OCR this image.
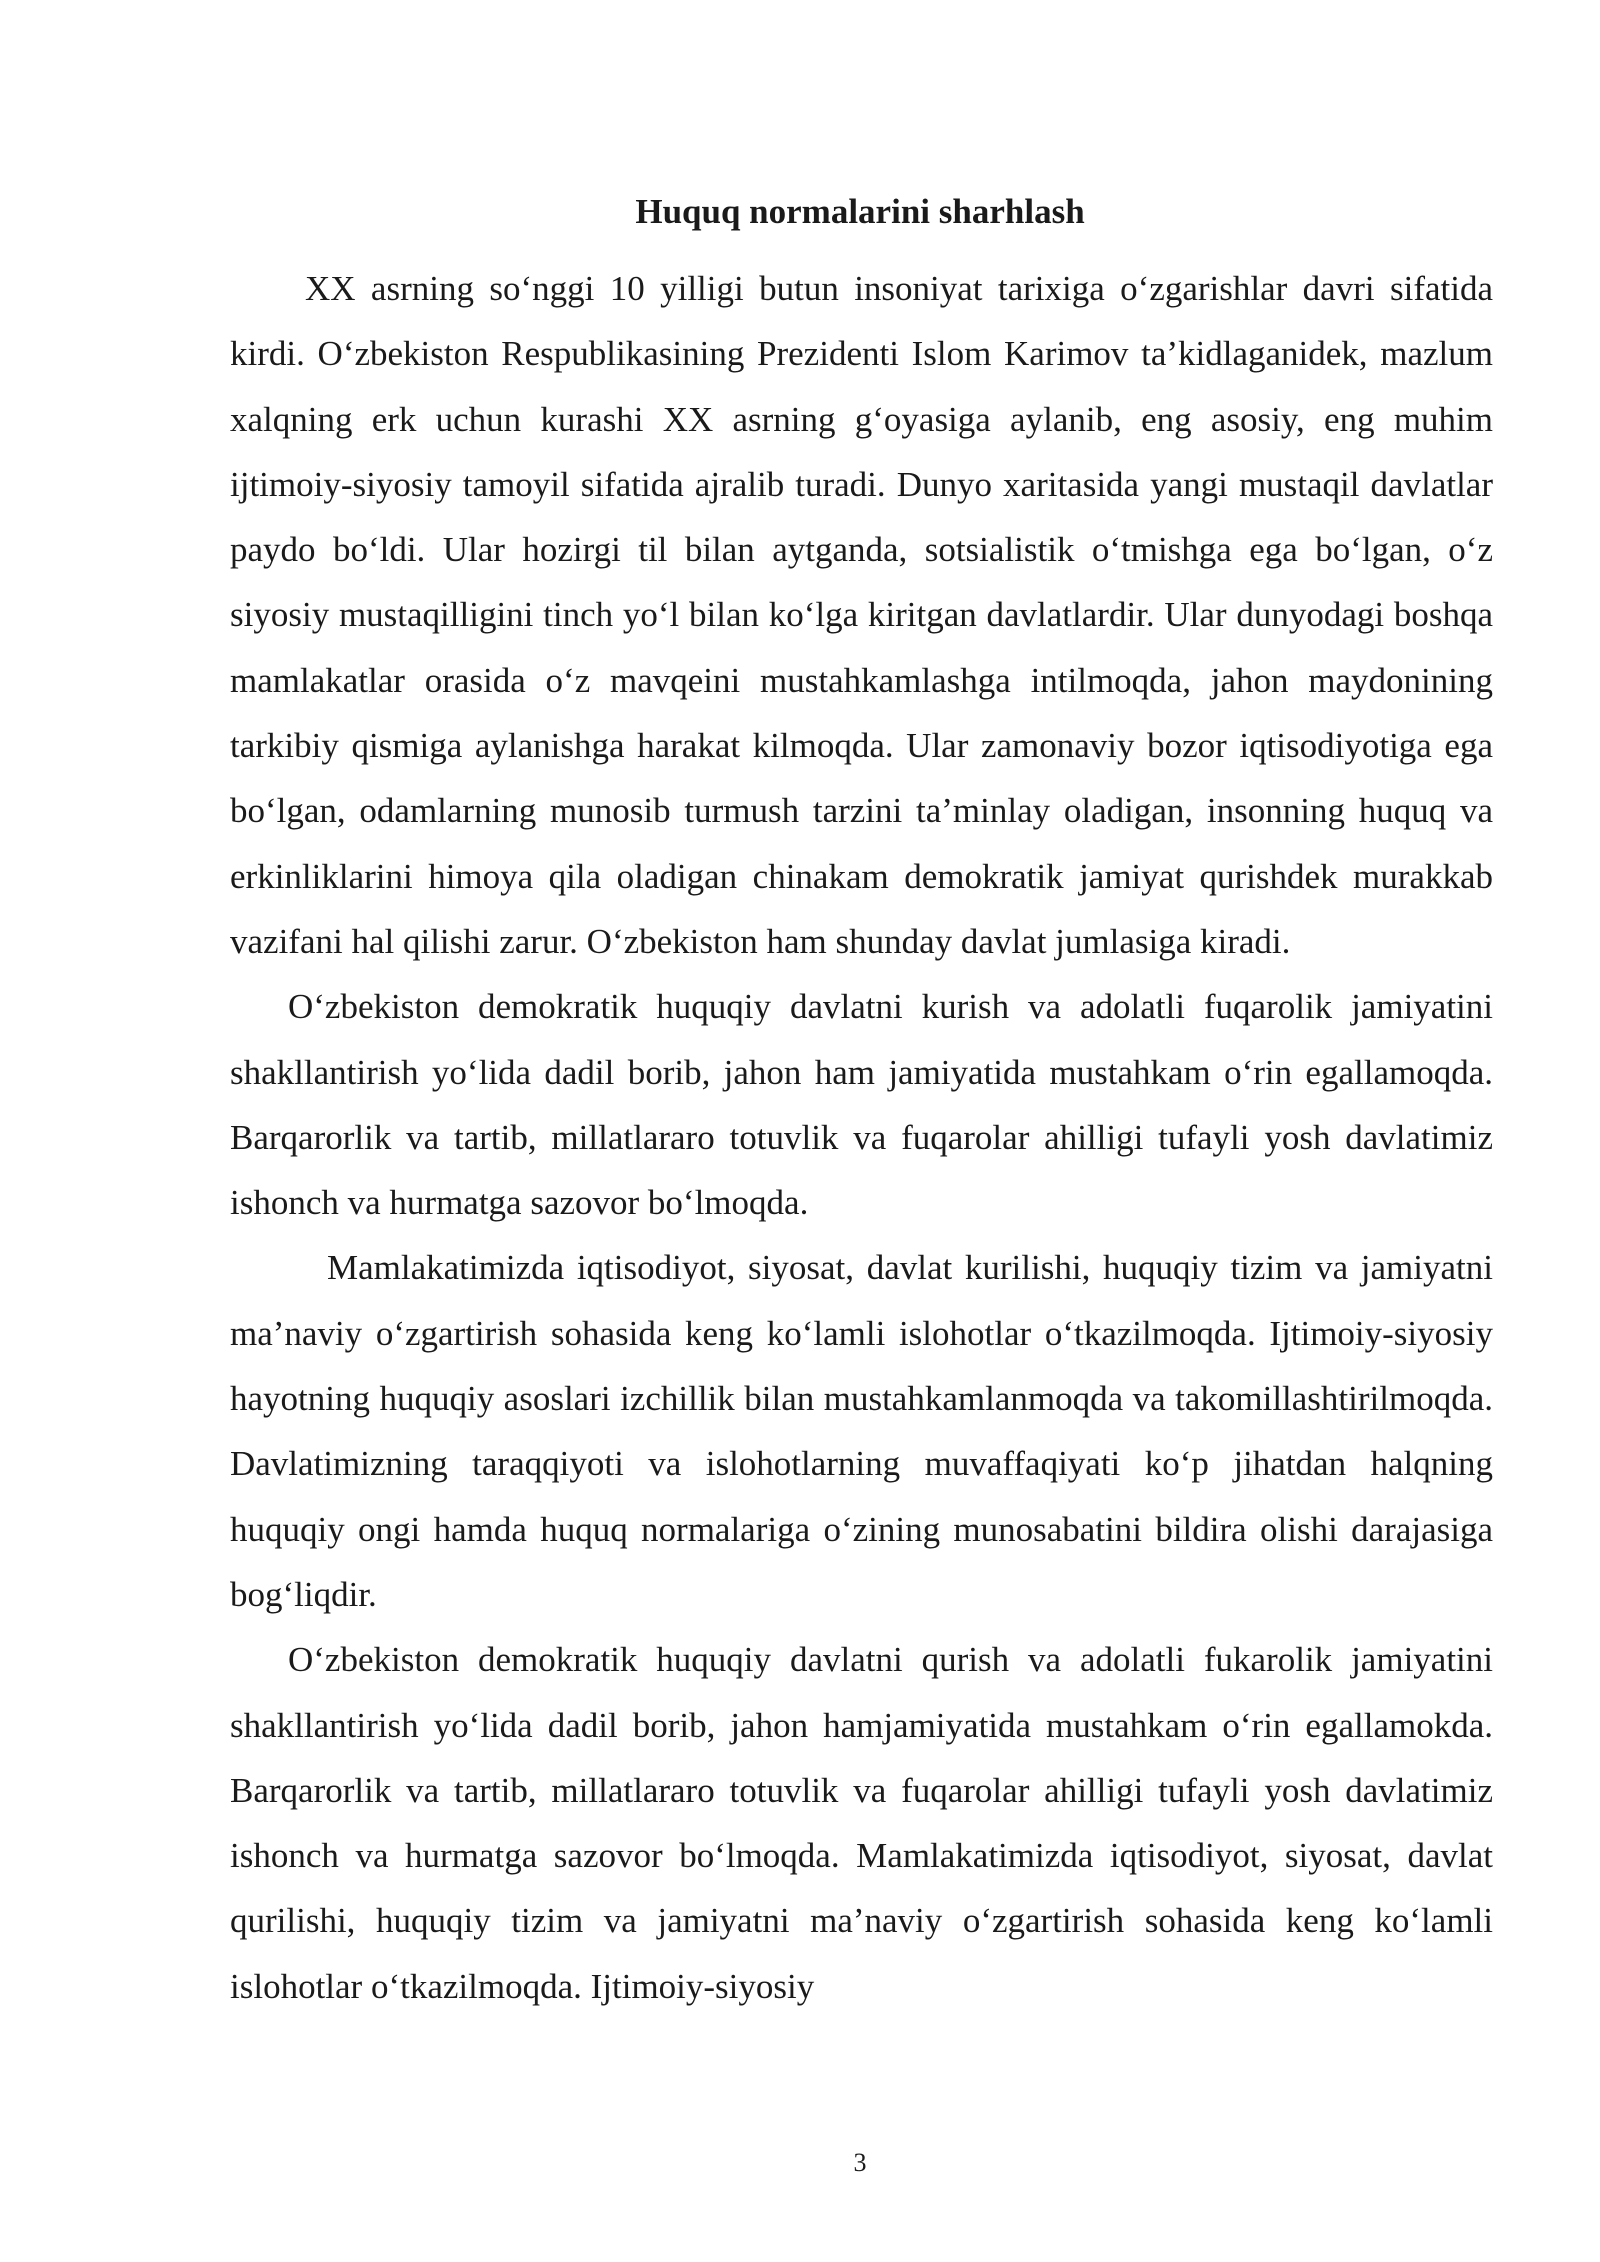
Huquq normalarini sharhlash

XX asrning so‘nggi 10 yilligi butun insoniyat tarixiga o‘zgarishlar davri sifatida kirdi. O‘zbekiston Respublikasining Prezidenti Islom Karimov ta’kidlaganidek, mazlum xalqning erk uchun kurashi XX asrning g‘oyasiga aylanib, eng asosiy, eng muhim ijtimoiy-siyosiy tamoyil sifatida ajralib turadi. Dunyo xaritasida yangi mustaqil davlatlar paydo bo‘ldi. Ular hozirgi til bilan aytganda, sotsialistik o‘tmishga ega bo‘lgan, o‘z siyosiy mustaqilligini tinch yo‘l bilan ko‘lga kiritgan davlatlardir. Ular dunyodagi boshqa mamlakatlar orasida o‘z mavqeini mustahkamlashga intilmoqda, jahon maydonining tarkibiy qismiga aylanishga harakat kilmoqda. Ular zamonaviy bozor iqtisodiyotiga ega bo‘lgan, odamlarning munosib turmush tarzini ta’minlay oladigan, insonning huquq va erkinliklarini himoya qila oladigan chinakam demokratik jamiyat qurishdek murakkab vazifani hal qilishi zarur. O‘zbekiston ham shunday davlat jumlasiga kiradi.

O‘zbekiston demokratik huquqiy davlatni kurish va adolatli fuqarolik jamiyatini shakllantirish yo‘lida dadil borib, jahon ham jamiyatida mustahkam o‘rin egallamoqda. Barqarorlik va tartib, millatlararo totuvlik va fuqarolar ahilligi tufayli yosh davlatimiz ishonch va hurmatga sazovor bo‘lmoqda.

Mamlakatimizda iqtisodiyot, siyosat, davlat kurilishi, huquqiy tizim va jamiyatni ma’naviy o‘zgartirish sohasida keng ko‘lamli islohotlar o‘tkazilmoqda. Ijtimoiy-siyosiy hayotning huquqiy asoslari izchillik bilan mustahkamlanmoqda va takomillashtirilmoqda. Davlatimizning taraqqiyoti va islohotlarning muvaffaqiyati ko‘p jihatdan halqning huquqiy ongi hamda huquq normalariga o‘zining munosabatini bildira olishi darajasiga bog‘liqdir.

O‘zbekiston demokratik huquqiy davlatni qurish va adolatli fukarolik jamiyatini shakllantirish yo‘lida dadil borib, jahon hamjamiyatida mustahkam o‘rin egallamokda. Barqarorlik va tartib, millatlararo totuvlik va fuqarolar ahilligi tufayli yosh davlatimiz ishonch va hurmatga sazovor bo‘lmoqda. Mamlakatimizda iqtisodiyot, siyosat, davlat qurilishi, huquqiy tizim va jamiyatni ma’naviy o‘zgartirish sohasida keng ko‘lamli islohotlar o‘tkazilmoqda. Ijtimoiy-siyosiy

3
